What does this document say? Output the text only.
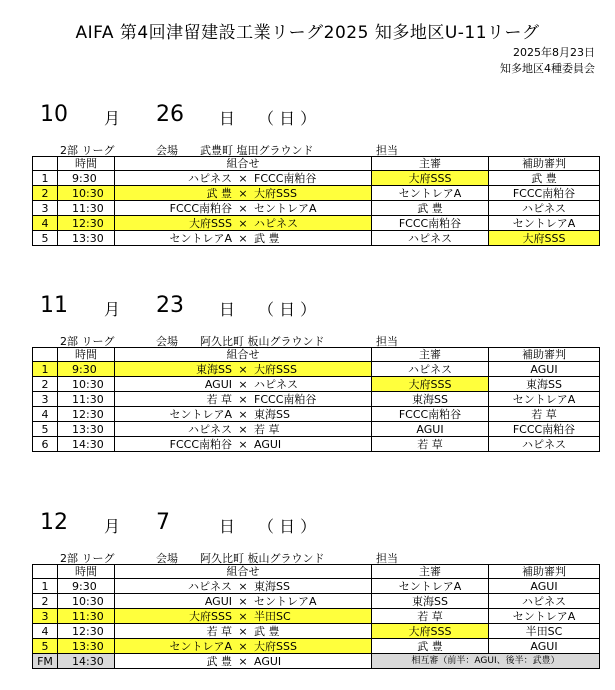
AIFA 第4回津留建設工業リーグ2025 知多地区U-11リーグ
2025年8月23日
知多地区4種委員会
10 月 26 日 （ 日 ）
2部 リーグ	会場 武豊町 塩田グラウンド	担当
	時間	組合せ	主審	補助審判
1	9:30	ハピネス × FCCC南粕谷	大府SSS	武 豊
2	10:30	武 豊 × 大府SSS	セントレアA	FCCC南粕谷
3	11:30	FCCC南粕谷 × セントレアA	武 豊	ハピネス
4	12:30	大府SSS × ハピネス	FCCC南粕谷	セントレアA
5	13:30	セントレアA × 武 豊	ハピネス	大府SSS
11 月 23 日 （ 日 ）
2部 リーグ	会場 阿久比町 板山グラウンド	担当
	時間	組合せ	主審	補助審判
1	9:30	東海SS × 大府SSS	ハピネス	AGUI
2	10:30	AGUI × ハピネス	大府SSS	東海SS
3	11:30	若 草 × FCCC南粕谷	東海SS	セントレアA
4	12:30	セントレアA × 東海SS	FCCC南粕谷	若 草
5	13:30	ハピネス × 若 草	AGUI	FCCC南粕谷
6	14:30	FCCC南粕谷 × AGUI	若 草	ハピネス
12 月 7	日 （ 日 ）
2部 リーグ	会場 阿久比町 板山グラウンド	担当
	時間	組合せ	主審	補助審判
1	9:30	ハピネス × 東海SS	セントレアA	AGUI
2	10:30	AGUI × セントレアA	東海SS	ハピネス
3	11:30	大府SSS × 半田SC	若 草	セントレアA
4	12:30	若 草 × 武 豊	大府SSS	半田SC
5	13:30	セントレアA × 大府SSS	武 豊	AGUI
FM	14:30	武 豊 × AGUI	相互審（前半：AGUI、後半：武豊）	
